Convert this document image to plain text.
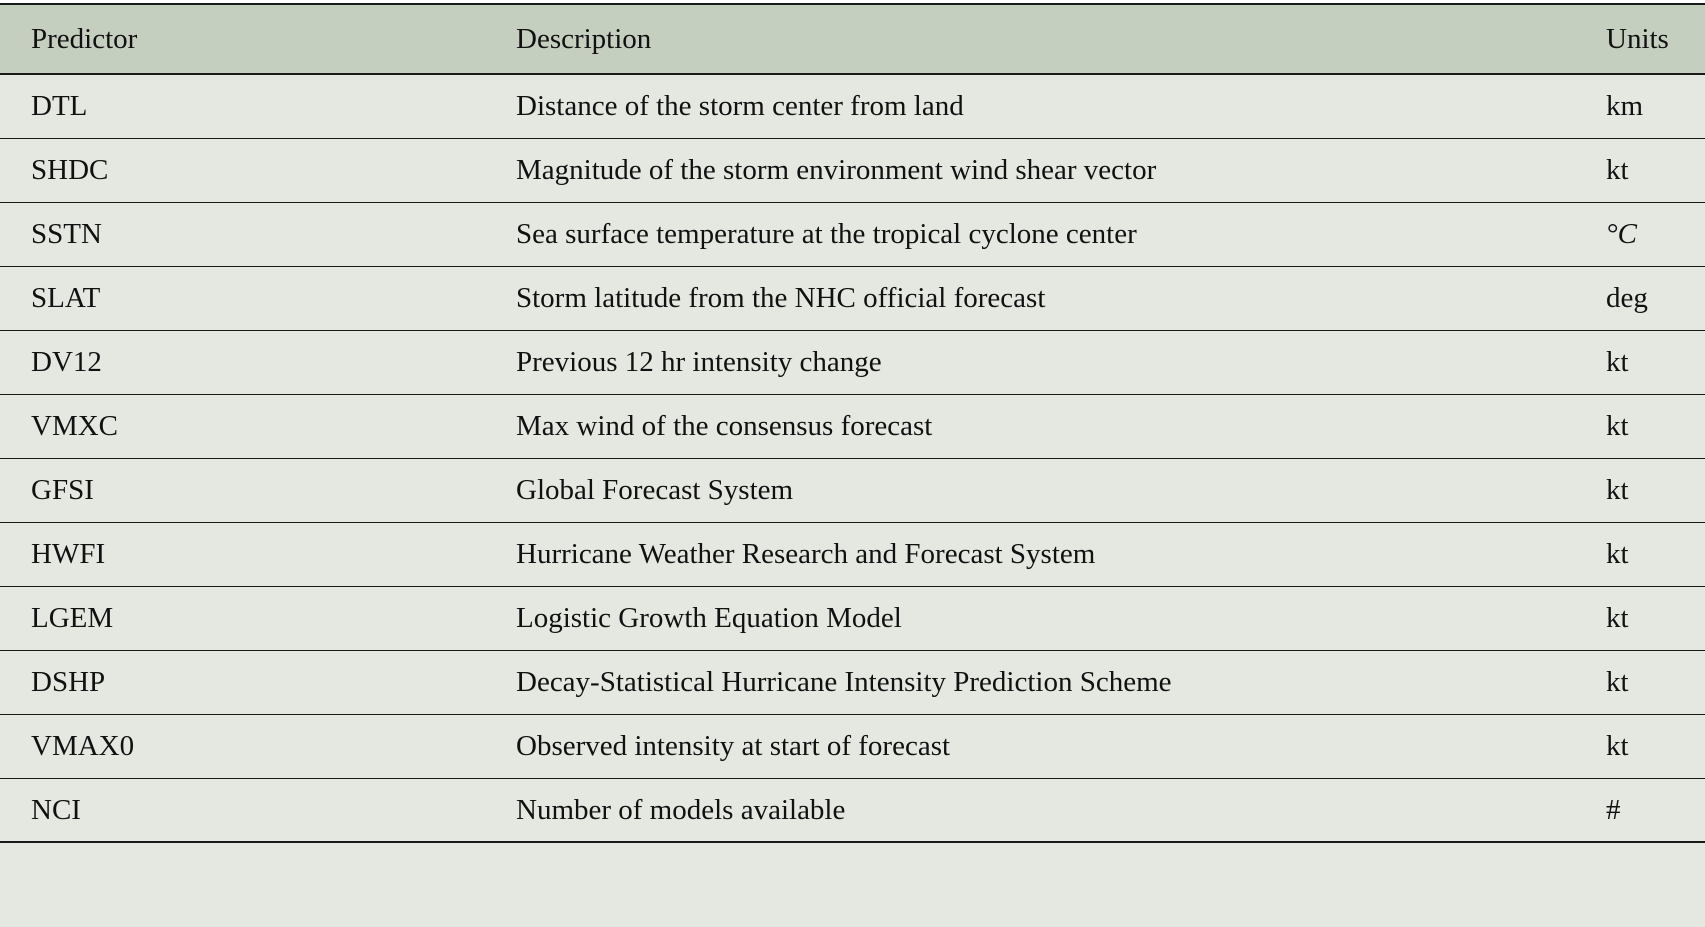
Predictor	Description	Units
DTL	Distance of the storm center from land	km
SHDC	Magnitude of the storm environment wind shear vector	kt
SSTN	Sea surface temperature at the tropical cyclone center	°C
SLAT	Storm latitude from the NHC official forecast	deg
DV12	Previous 12 hr intensity change	kt
VMXC	Max wind of the consensus forecast	kt
GFSI	Global Forecast System	kt
HWFI	Hurricane Weather Research and Forecast System	kt
LGEM	Logistic Growth Equation Model	kt
DSHP	Decay-Statistical Hurricane Intensity Prediction Scheme	kt
VMAX0	Observed intensity at start of forecast	kt
NCI	Number of models available	#
